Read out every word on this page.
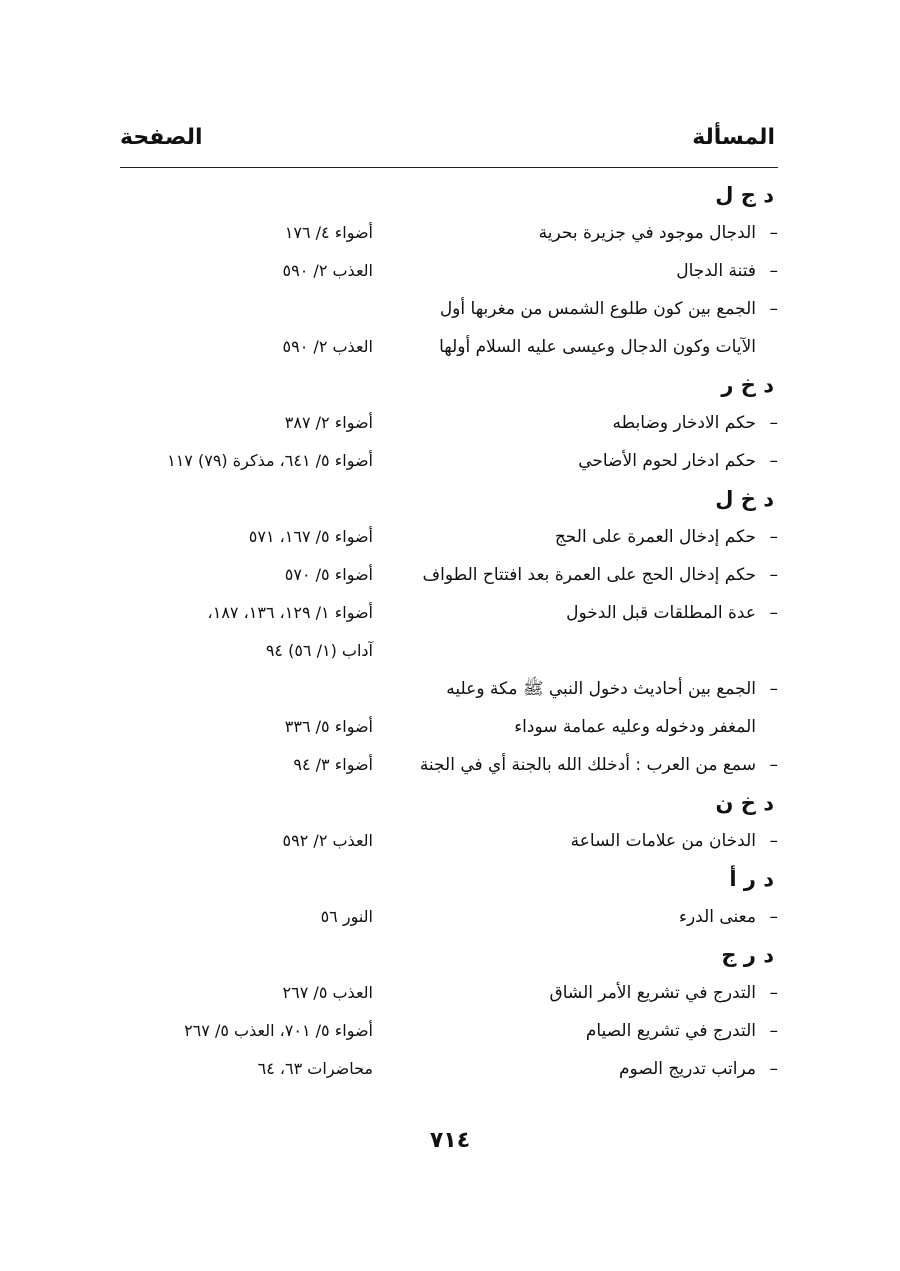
المسألة
الصفحة
د ج ل
–
الدجال موجود في جزيرة بحرية
أضواء ٤/ ١٧٦
–
فتنة الدجال
العذب ٢/ ٥٩٠
–
الجمع بين كون طلوع الشمس من مغربها أول
الآيات وكون الدجال وعيسى عليه السلام أولها
العذب ٢/ ٥٩٠
د خ ر
–
حكم الادخار وضابطه
أضواء ٢/ ٣٨٧
–
حكم ادخار لحوم الأضاحي
أضواء ٥/ ٦٤١، مذكرة (٧٩) ١١٧
د خ ل
–
حكم إدخال العمرة على الحج
أضواء ٥/ ١٦٧، ٥٧١
–
حكم إدخال الحج على العمرة بعد افتتاح الطواف
أضواء ٥/ ٥٧٠
–
عدة المطلقات قبل الدخول
أضواء ١/ ١٢٩، ١٣٦، ١٨٧،
آداب (١/ ٥٦) ٩٤
–
الجمع بين أحاديث دخول النبي ﷺ مكة وعليه
المغفر ودخوله وعليه عمامة سوداء
أضواء ٥/ ٣٣٦
–
سمع من العرب : أدخلك الله بالجنة أي في الجنة
أضواء ٣/ ٩٤
د خ ن
–
الدخان من علامات الساعة
العذب ٢/ ٥٩٢
د ر أ
–
معنى الدرء
النور ٥٦
د ر ج
–
التدرج في تشريع الأمر الشاق
العذب ٥/ ٢٦٧
–
التدرج في تشريع الصيام
أضواء ٥/ ٧٠١، العذب ٥/ ٢٦٧
–
مراتب تدريج الصوم
محاضرات ٦٣، ٦٤
٧١٤
